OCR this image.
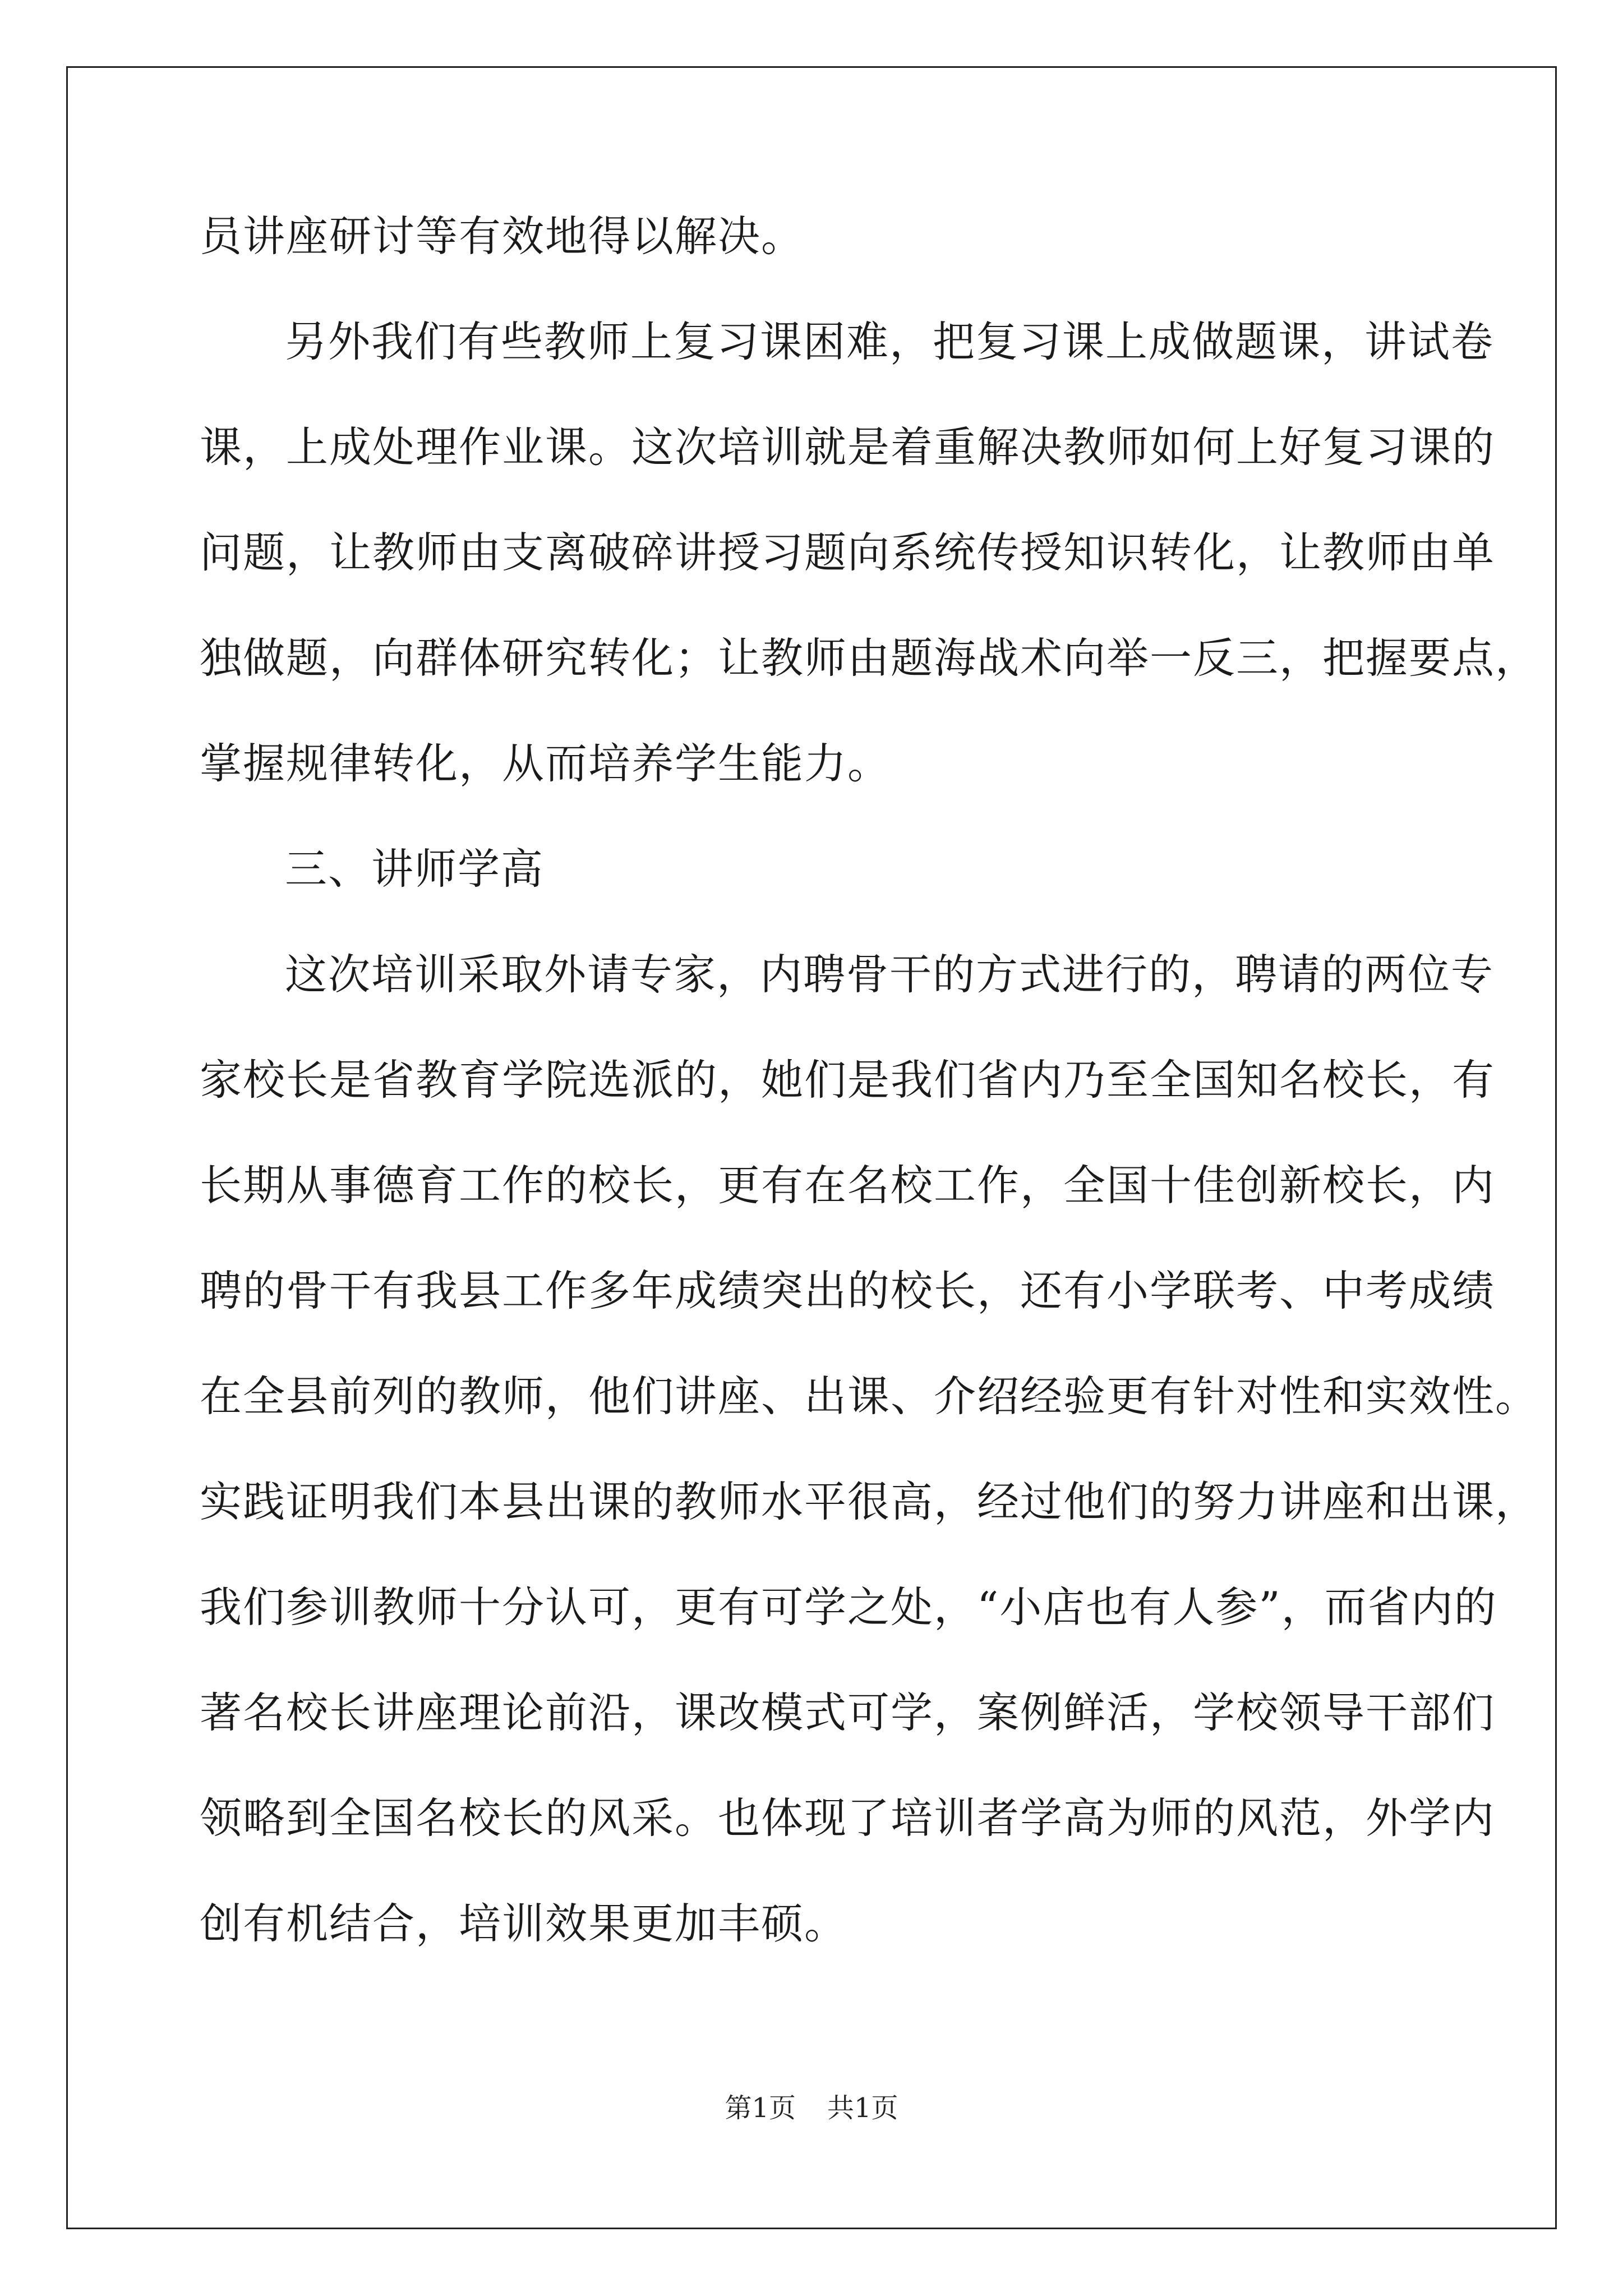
员讲座研讨等有效地得以解决。
另外我们有些教师上复习课困难，把复习课上成做题课，讲试卷
课，上成处理作业课。这次培训就是着重解决教师如何上好复习课的
问题，让教师由支离破碎讲授习题向系统传授知识转化，让教师由单
独做题，向群体研究转化；让教师由题海战术向举一反三，把握要点，
掌握规律转化，从而培养学生能力。
三、讲师学高
这次培训采取外请专家，内聘骨干的方式进行的，聘请的两位专
家校长是省教育学院选派的，她们是我们省内乃至全国知名校长，有
长期从事德育工作的校长，更有在名校工作，全国十佳创新校长，内
聘的骨干有我县工作多年成绩突出的校长，还有小学联考、中考成绩
在全县前列的教师，他们讲座、出课、介绍经验更有针对性和实效性。
实践证明我们本县出课的教师水平很高，经过他们的努力讲座和出课，
我们参训教师十分认可，更有可学之处，“小店也有人参”，而省内的
著名校长讲座理论前沿，课改模式可学，案例鲜活，学校领导干部们
领略到全国名校长的风采。也体现了培训者学高为师的风范，外学内
创有机结合，培训效果更加丰硕。
第1页 共1页
